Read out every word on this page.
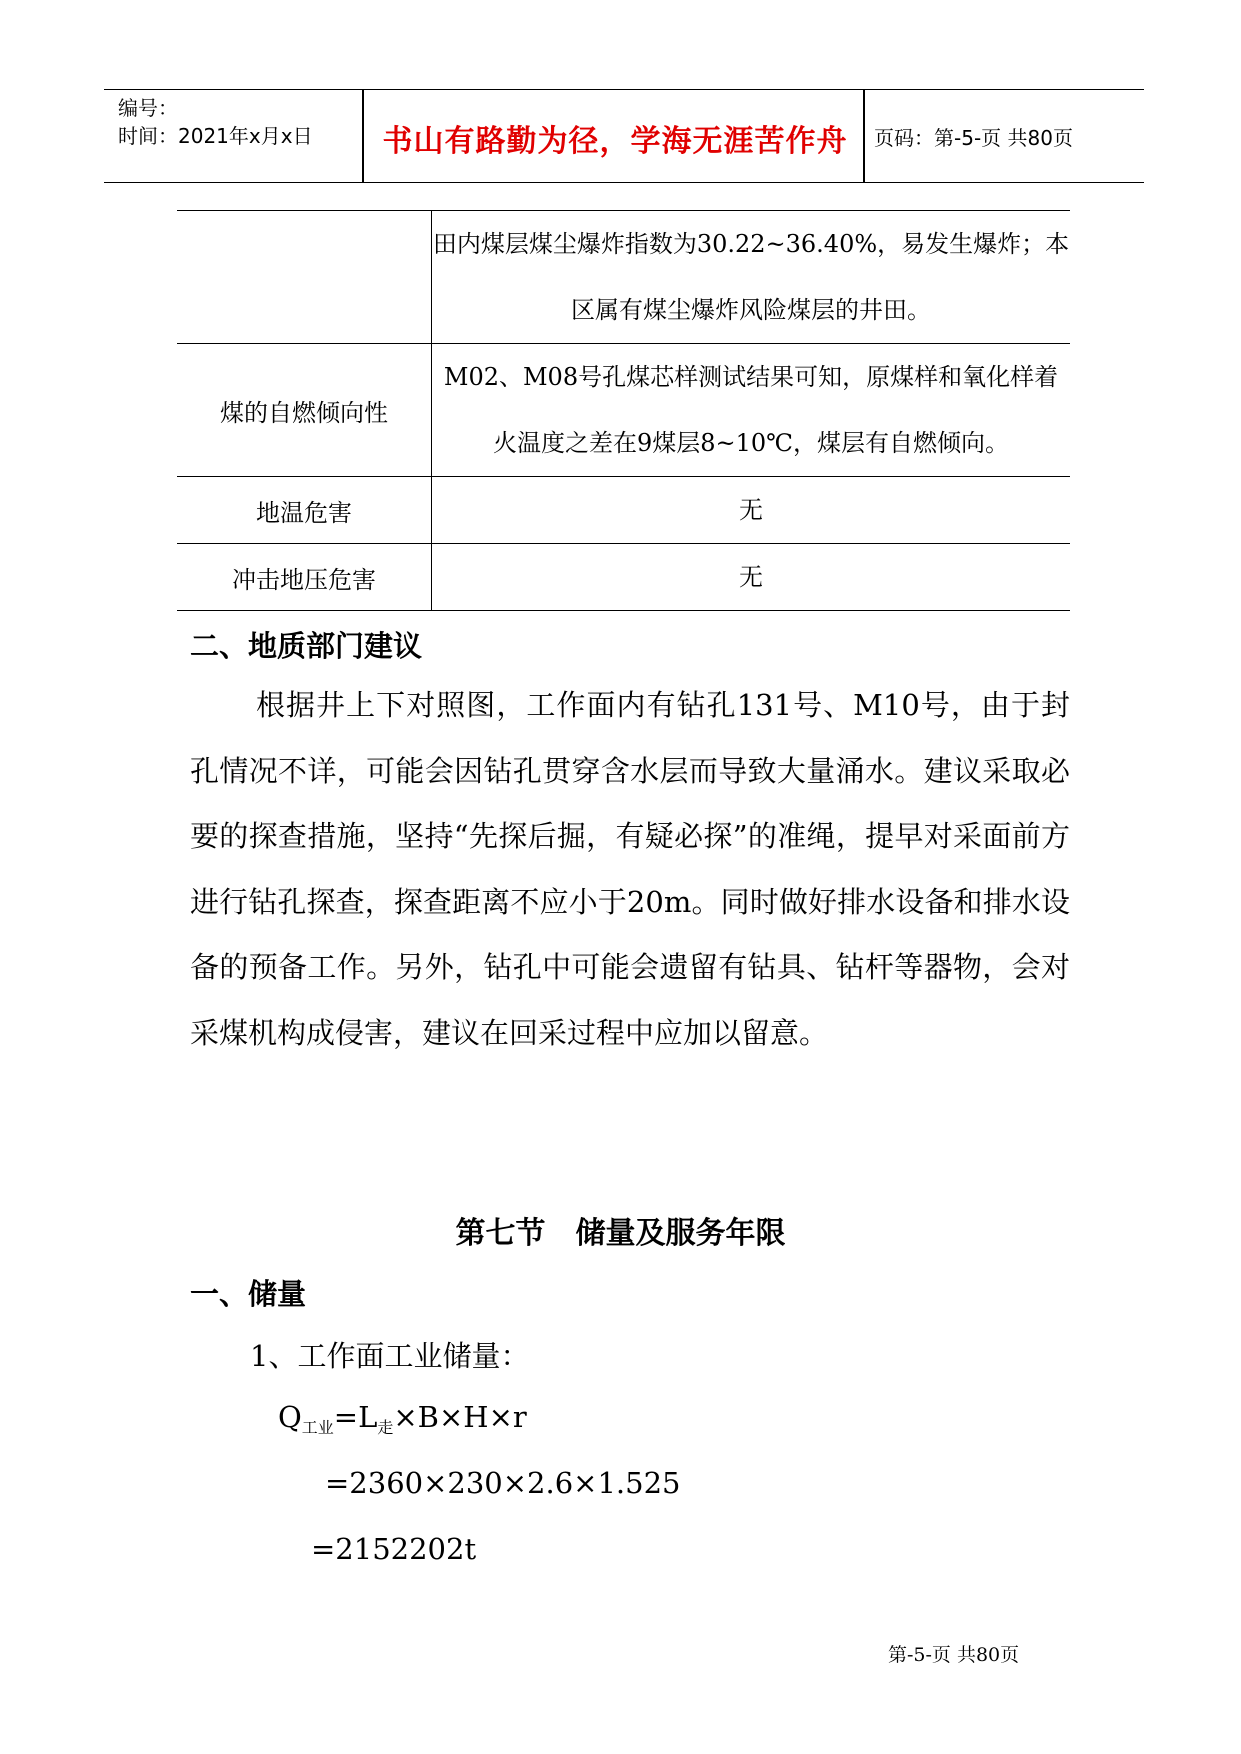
编号：
时间：2021年x月x日	书山有路勤为径，学海无涯苦作舟	页码：第-5-页 共80页
	田内煤层煤尘爆炸指数为30.22~36.40%，易发生爆炸；本区属有煤尘爆炸风险煤层的井田。
煤的自燃倾向性	M02、M08号孔煤芯样测试结果可知，原煤样和氧化样着火温度之差在9煤层8~10℃，煤层有自燃倾向。
地温危害	无
冲击地压危害	无
二、地质部门建议
根据井上下对照图，工作面内有钻孔131号、M10号，由于封孔情况不详，可能会因钻孔贯穿含水层而导致大量涌水。建议采取必要的探查措施，坚持“先探后掘，有疑必探”的准绳，提早对采面前方进行钻孔探查，探查距离不应小于20m。同时做好排水设备和排水设备的预备工作。另外，钻孔中可能会遗留有钻具、钻杆等器物，会对采煤机构成侵害，建议在回采过程中应加以留意。
第七节　储量及服务年限
一、储量
1、工作面工业储量：
$Q_{工业}=L_走\times B\times H\times r$
=2360×230×2.6×1.525
=2152202t
第-5-页 共80页
